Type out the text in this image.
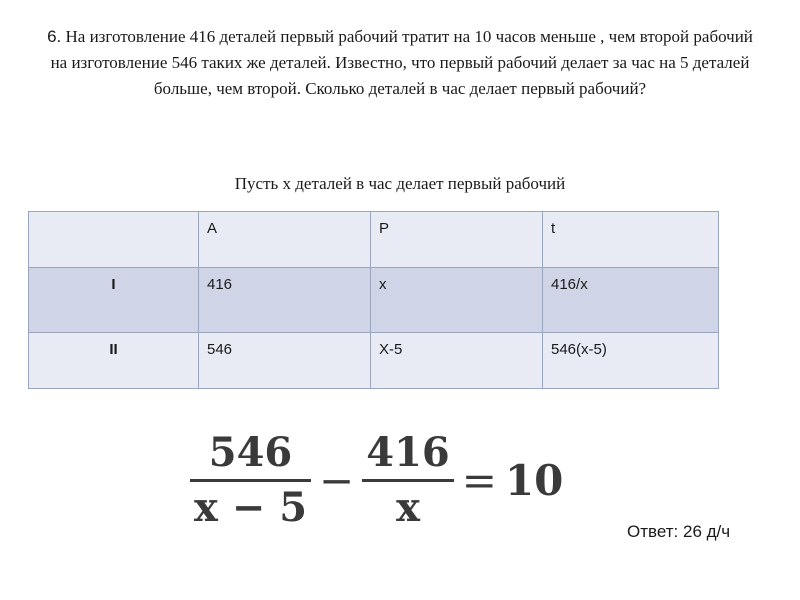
6. На изготовление 416 деталей первый рабочий тратит на 10 часов меньше , чем второй рабочий на изготовление 546 таких же деталей. Известно, что первый рабочий делает за час на 5 деталей больше, чем второй. Сколько деталей в час делает первый рабочий?
Пусть х деталей в час делает первый рабочий
	A	P	t
I	416	x	416/x
II	546	X-5	546(x-5)
$\frac{546}{x - 5} - \frac{416}{x} = 10$
Ответ: 26 д/ч
